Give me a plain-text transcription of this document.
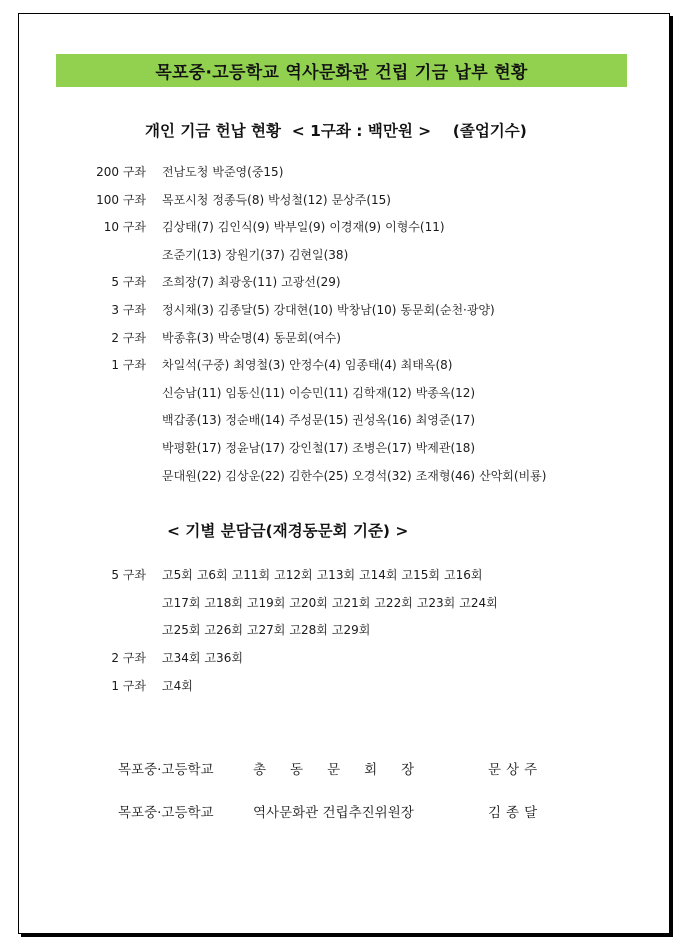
목포중·고등학교 역사문화관 건립 기금 납부 현황
개인 기금 헌납 현황  < 1구좌 : 백만원 >    (졸업기수)
200 구좌	전남도청 박준영(중15)
100 구좌	목포시청 정종득(8) 박성철(12) 문상주(15)
10 구좌	김상태(7) 김인식(9) 박부일(9) 이경재(9) 이형수(11)
조준기(13) 장원기(37) 김현일(38)
5 구좌	조희장(7) 최광웅(11) 고광선(29)
3 구좌	정시채(3) 김종달(5) 강대현(10) 박창남(10) 동문회(순천·광양)
2 구좌	박종휴(3) 박순명(4) 동문회(여수)
1 구좌	차일석(구중) 최영철(3) 안정수(4) 임종태(4) 최태옥(8)
신승남(11) 임동신(11) 이승민(11) 김학재(12) 박종옥(12)
백갑종(13) 정순배(14) 주성문(15) 권성옥(16) 최영준(17)
박평환(17) 정윤남(17) 강인철(17) 조병은(17) 박제관(18)
문대원(22) 김상운(22) 김한수(25) 오경석(32) 조재형(46) 산악회(비룡)
< 기별 분담금(재경동문회 기준) >
5 구좌	고5회 고6회 고11회 고12회 고13회 고14회 고15회 고16회
고17회 고18회 고19회 고20회 고21회 고22회 고23회 고24회
고25회 고26회 고27회 고28회 고29회
2 구좌	고34회 고36회
1 구좌	고4회
목포중·고등학교	총동문회장	문상주
목포중·고등학교	역사문화관 건립추진위원장	김종달
